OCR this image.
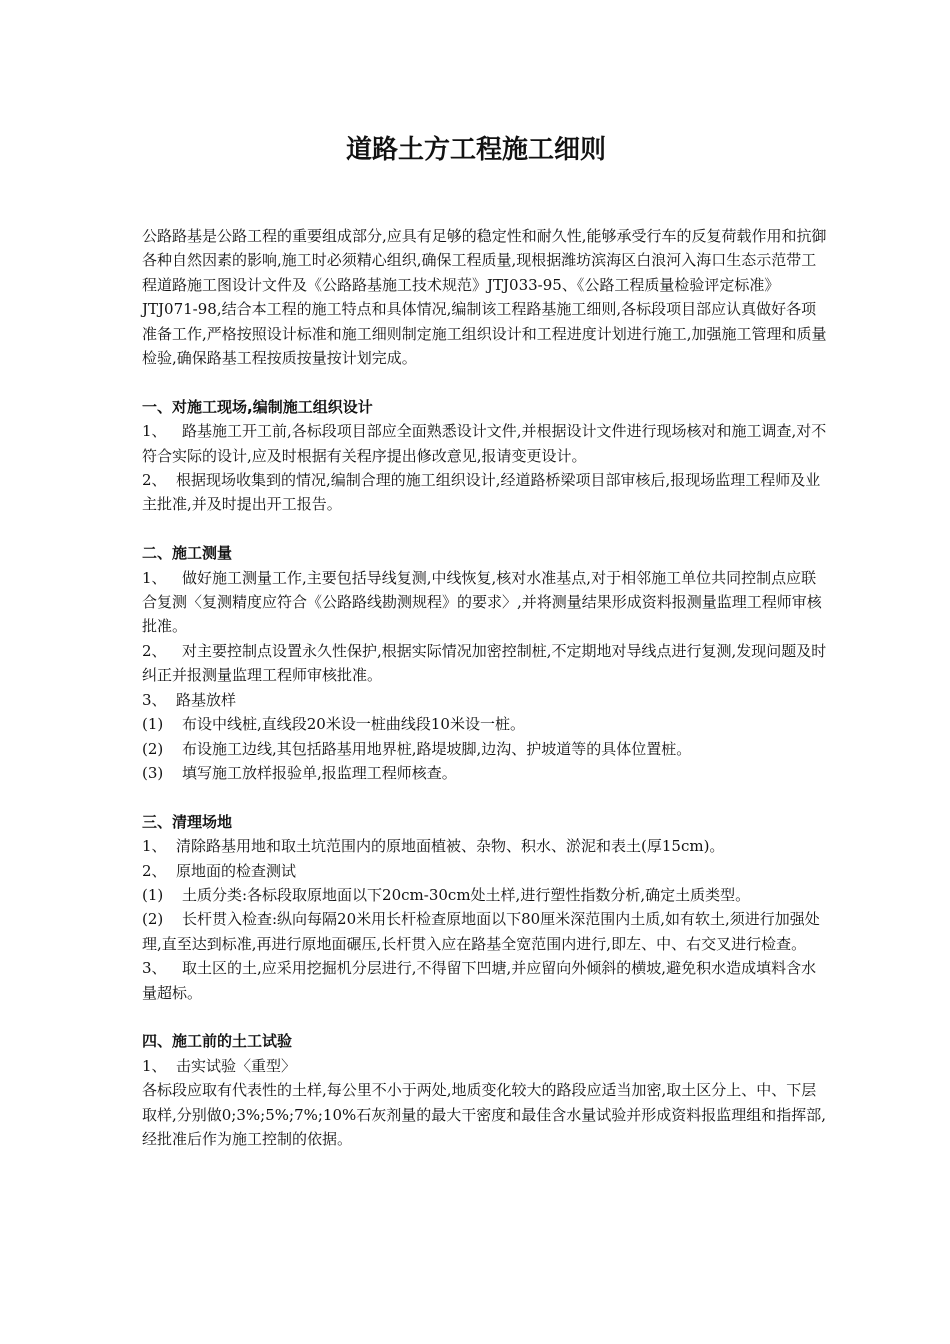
道路土方工程施工细则

公路路基是公路工程的重要组成部分,应具有足够的稳定性和耐久性,能够承受行车的反复荷载作用和抗御各种自然因素的影响,施工时必须精心组织,确保工程质量,现根据潍坊滨海区白浪河入海口生态示范带工程道路施工图设计文件及《公路路基施工技术规范》JTJ033-95、《公路工程质量检验评定标准》JTJ071-98,结合本工程的施工特点和具体情况,编制该工程路基施工细则,各标段项目部应认真做好各项准备工作,严格按照设计标准和施工细则制定施工组织设计和工程进度计划进行施工,加强施工管理和质量检验,确保路基工程按质按量按计划完成。

一、对施工现场,编制施工组织设计

1、 路基施工开工前,各标段项目部应全面熟悉设计文件,并根据设计文件进行现场核对和施工调查,对不符合实际的设计,应及时根据有关程序提出修改意见,报请变更设计。

2、 根据现场收集到的情况,编制合理的施工组织设计,经道路桥梁项目部审核后,报现场监理工程师及业主批准,并及时提出开工报告。

二、施工测量

1、 做好施工测量工作,主要包括导线复测,中线恢复,核对水准基点,对于相邻施工单位共同控制点应联合复测〈复测精度应符合《公路路线勘测规程》的要求〉,并将测量结果形成资料报测量监理工程师审核批准。

2、 对主要控制点设置永久性保护,根据实际情况加密控制桩,不定期地对导线点进行复测,发现问题及时纠正并报测量监理工程师审核批准。

3、 路基放样

(1) 布设中线桩,直线段20米设一桩曲线段10米设一桩。

(2) 布设施工边线,其包括路基用地界桩,路堤坡脚,边沟、护坡道等的具体位置桩。

(3) 填写施工放样报验单,报监理工程师核查。

三、清理场地

1、 清除路基用地和取土坑范围内的原地面植被、杂物、积水、淤泥和表土(厚15cm)。

2、 原地面的检查测试

(1) 土质分类:各标段取原地面以下20cm-30cm处土样,进行塑性指数分析,确定土质类型。

(2) 长杆贯入检查:纵向每隔20米用长杆检查原地面以下80厘米深范围内土质,如有软土,须进行加强处理,直至达到标准,再进行原地面碾压,长杆贯入应在路基全宽范围内进行,即左、中、右交叉进行检查。

3、 取土区的土,应采用挖掘机分层进行,不得留下凹塘,并应留向外倾斜的横坡,避免积水造成填料含水量超标。

四、施工前的土工试验

1、 击实试验〈重型〉

各标段应取有代表性的土样,每公里不小于两处,地质变化较大的路段应适当加密,取土区分上、中、下层取样,分别做0;3%;5%;7%;10%石灰剂量的最大干密度和最佳含水量试验并形成资料报监理组和指挥部,经批准后作为施工控制的依据。
